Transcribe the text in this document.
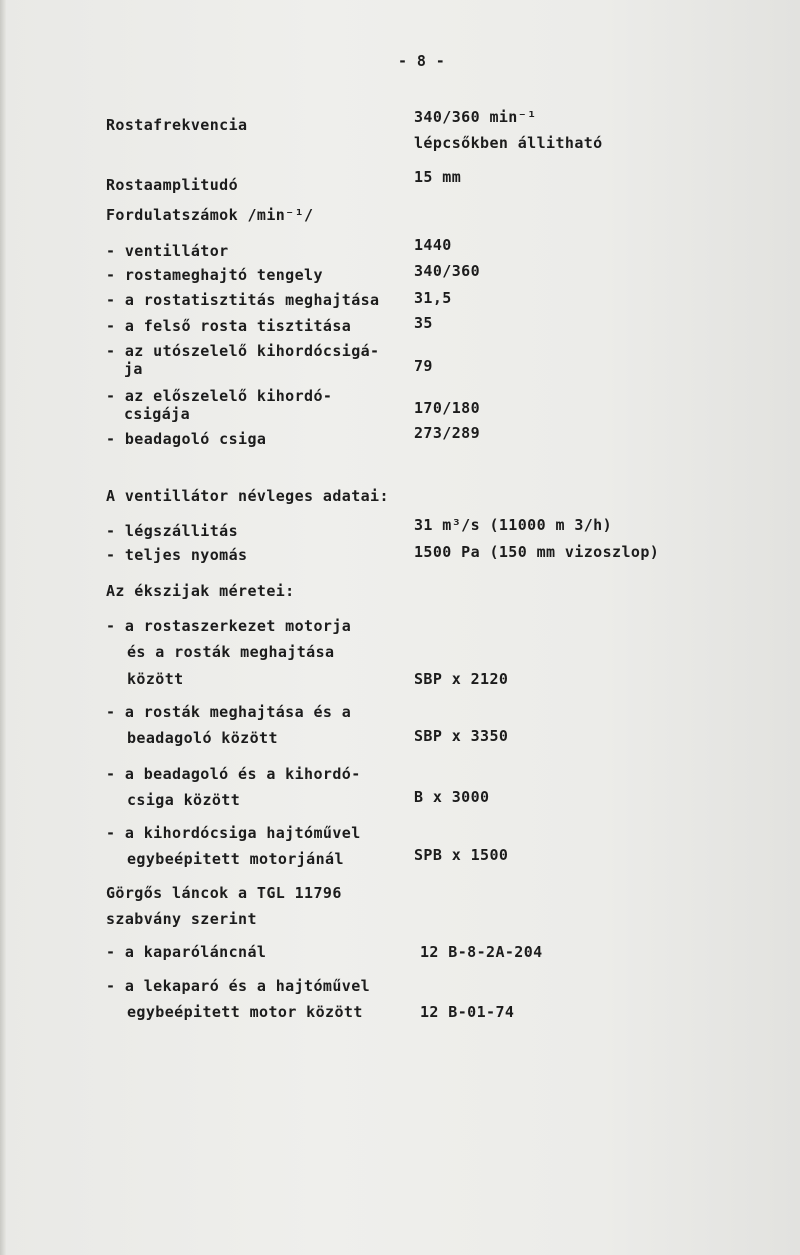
- 8 -
Rostafrekvencia	340/360 min⁻¹
lépcsőkben állitható
Rostaamplitudó	15 mm
Fordulatszámok /min⁻¹/
- ventillátor	1440
- rostameghajtó tengely	340/360
- a rostatisztitás meghajtása 31,5
- a felső rosta tisztitása	35
- az utószelelő kihordócsigá-
ja	79
- az előszelelő kihordó-
csigája	170/180
- beadagoló csiga	273/289
A ventillátor névleges adatai:
- légszállitás	31 m³/s (11000 m 3/h)
- teljes nyomás	1500 Pa (150 mm vizoszlop)
Az ékszijak méretei:
- a rostaszerkezet motorja
és a rosták meghajtása
között	SBP x 2120
- a rosták meghajtása és a
beadagoló között	SBP x 3350
- a beadagoló és a kihordó-
csiga között	B x 3000
- a kihordócsiga hajtóművel
egybeépitett motorjánál	SPB x 1500
Görgős láncok a TGL 11796
szabvány szerint
- a kaparóláncnál	12 B-8-2A-204
- a lekaparó és a hajtóművel
egybeépitett motor között	12 B-01-74
